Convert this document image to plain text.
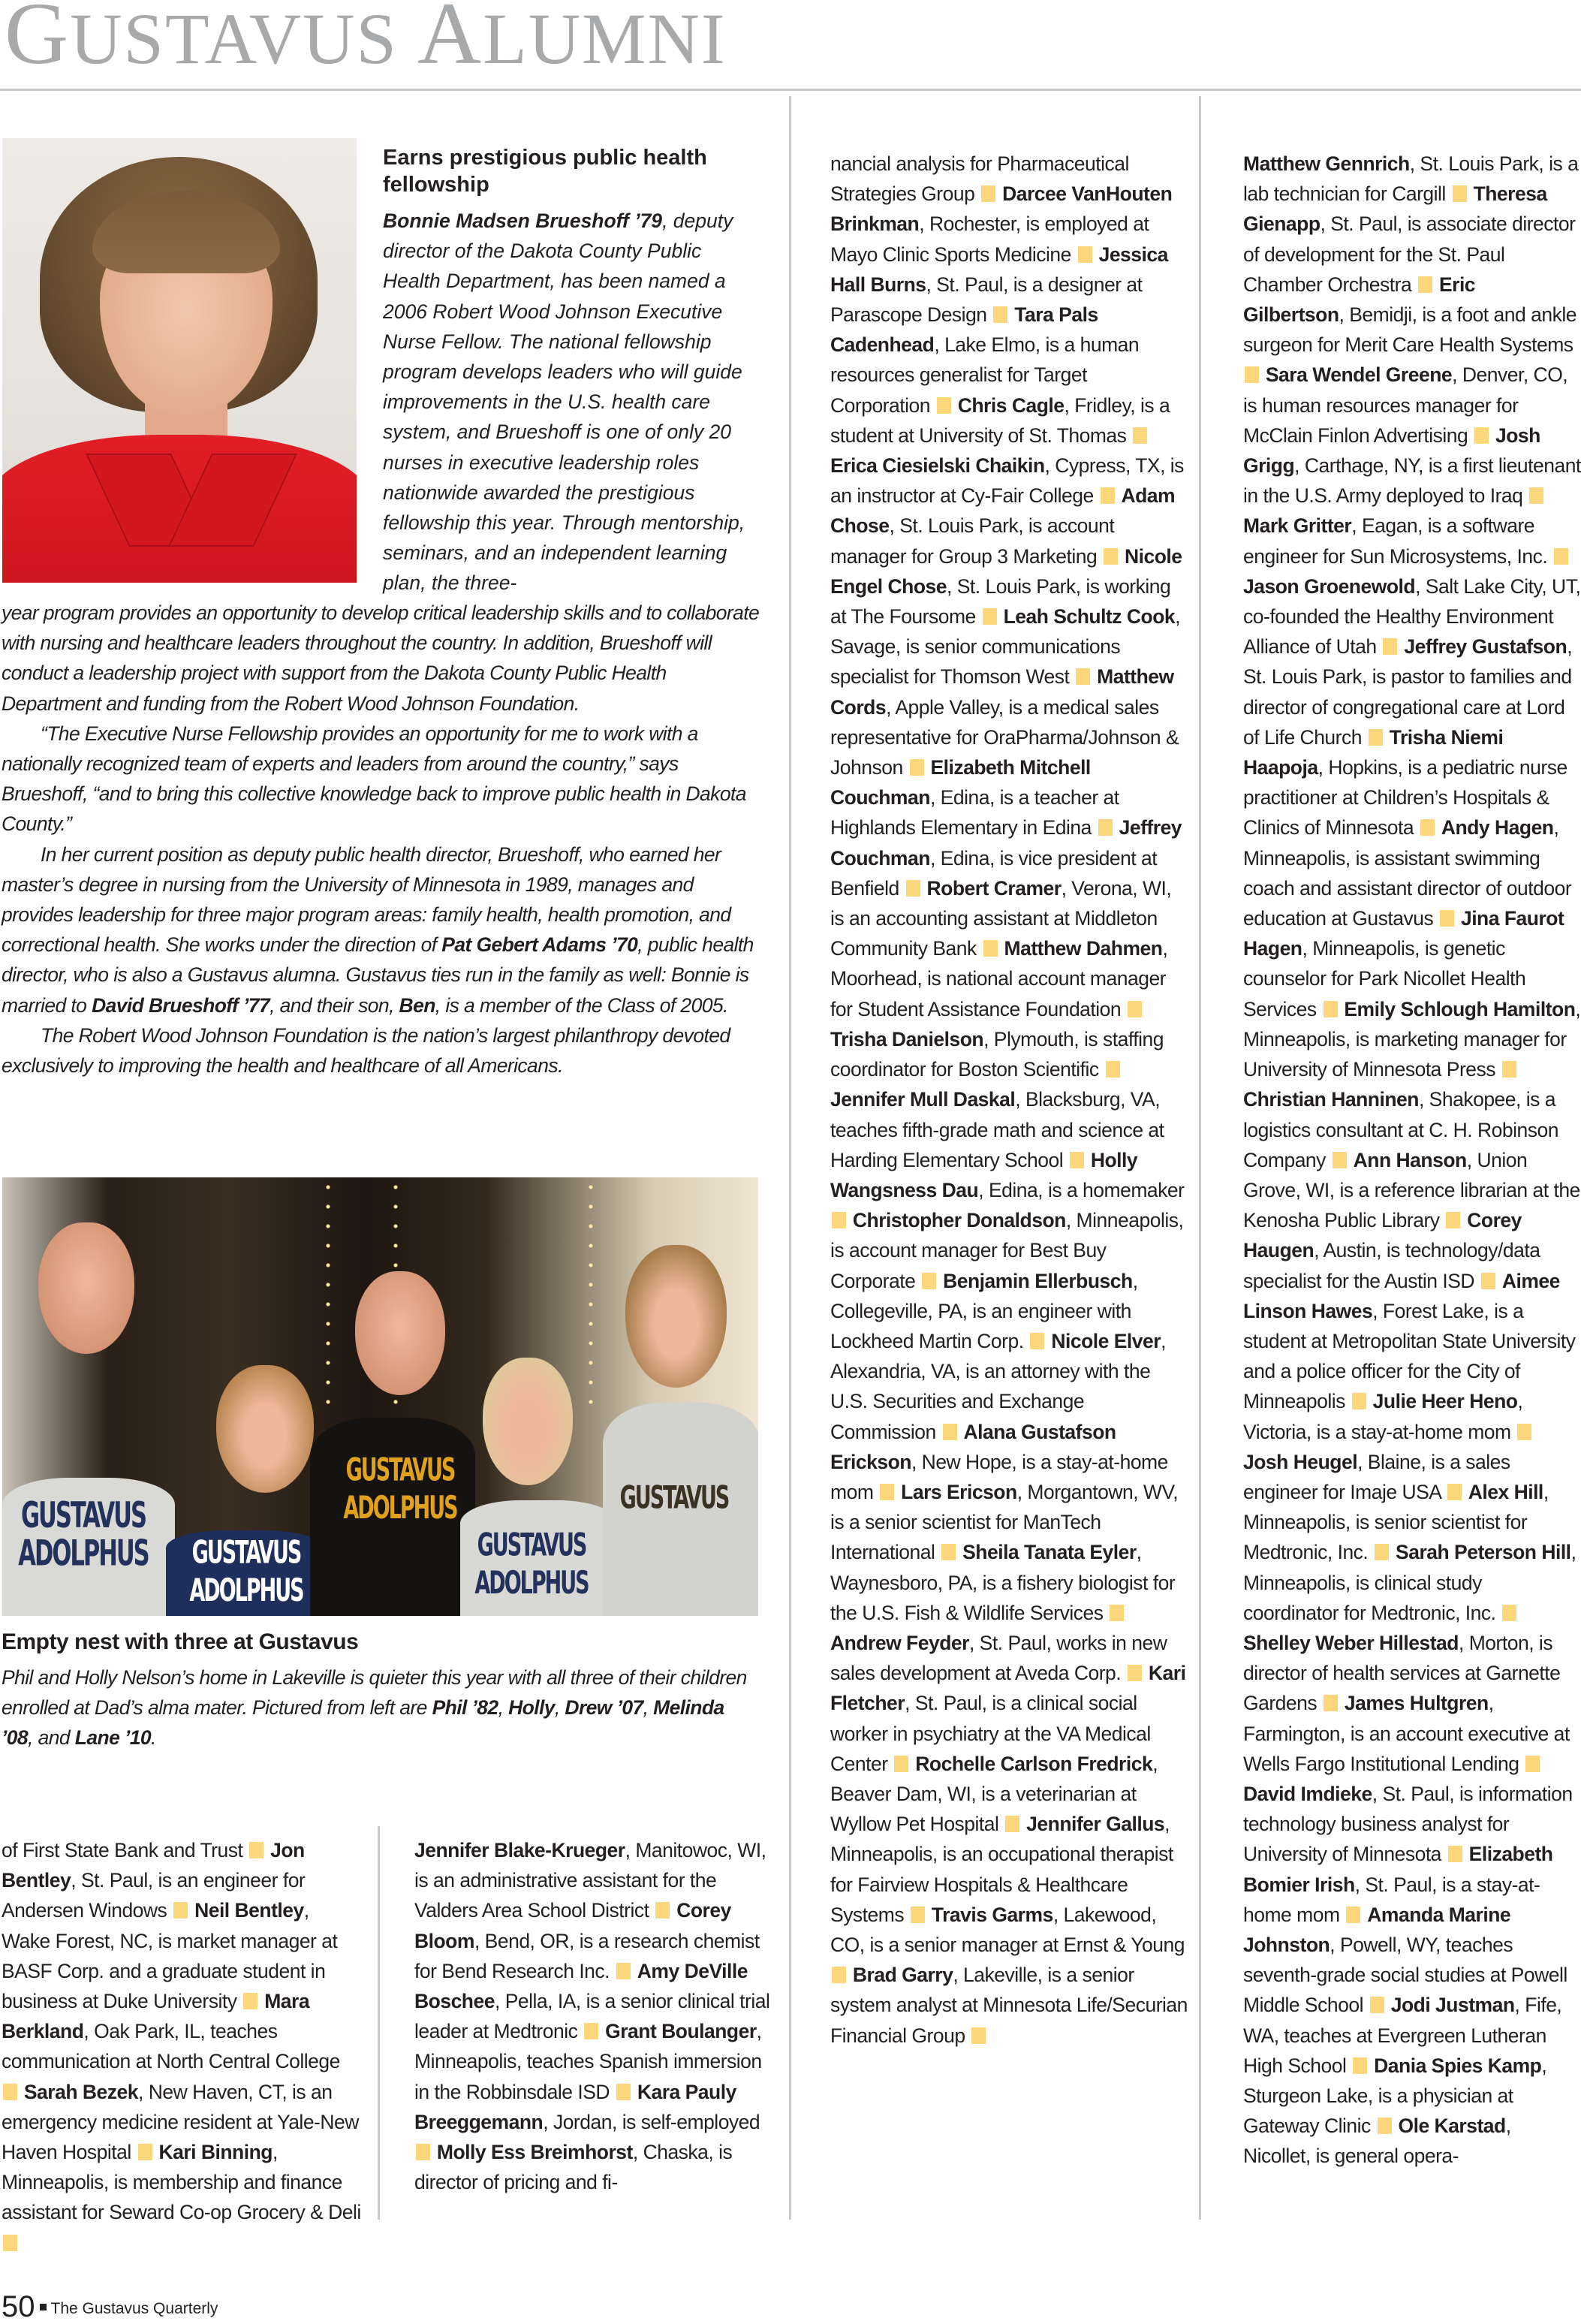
GUSTAVUS ALUMNI
Earns prestigious public health fellowship

Bonnie Madsen Brueshoff ’79, deputy director of the Dakota County Public Health Department, has been named a 2006 Robert Wood Johnson Executive Nurse Fellow. The national fellowship program develops leaders who will guide improvements in the U.S. health care system, and Brueshoff is one of only 20 nurses in executive leadership roles nationwide awarded the prestigious fellowship this year. Through mentorship, seminars, and an independent learning plan, the three-

year program provides an opportunity to develop critical leadership skills and to collaborate with nursing and healthcare leaders throughout the country. In addition, Brueshoff will conduct a leadership project with support from the Dakota County Public Health Department and funding from the Robert Wood Johnson Foundation.

“The Executive Nurse Fellowship provides an opportunity for me to work with a nationally recognized team of experts and leaders from around the country,” says Brueshoff, “and to bring this collective knowledge back to improve public health in Dakota County.”

In her current position as deputy public health director, Brueshoff, who earned her master’s degree in nursing from the University of Minnesota in 1989, manages and provides leadership for three major program areas: family health, health promotion, and correctional health. She works under the direction of Pat Gebert Adams ’70, public health director, who is also a Gustavus alumna. Gustavus ties run in the family as well: Bonnie is married to David Brueshoff ’77, and their son, Ben, is a member of the Class of 2005.

The Robert Wood Johnson Foundation is the nation’s largest philanthropy devoted exclusively to improving the health and healthcare of all Americans.

GUSTAVUS
ADOLPHUS	GUSTAVUS
ADOLPHUS
GUSTAVUS
ADOLPHUS
GUSTAVUS
ADOLPHUS
GUSTAVUS
Empty nest with three at Gustavus
Phil and Holly Nelson’s home in Lakeville is quieter this year with all three of their children enrolled at Dad’s alma mater. Pictured from left are Phil ’82, Holly, Drew ’07, Melinda ’08, and Lane ’10.

of First State Bank and Trust Jon Bentley, St. Paul, is an engineer for Andersen Windows Neil Bentley, Wake Forest, NC, is market manager at BASF Corp. and a graduate student in business at Duke University Mara Berkland, Oak Park, IL, teaches communication at North Central College  Sarah Bezek, New Haven, CT, is an emergency medicine resident at Yale-New Haven Hospital Kari Binning, Minneapolis, is membership and finance assistant for Seward Co-op Grocery & Deli

Jennifer Blake-Krueger, Manitowoc, WI, is an administrative assistant for the Valders Area School District Corey Bloom, Bend, OR, is a research chemist for Bend Research Inc. Amy DeVille Boschee, Pella, IA, is a senior clinical trial leader at Medtronic Grant Boulanger, Minneapolis, teaches Spanish immersion in the Robbinsdale ISD Kara Pauly Breeggemann, Jordan, is self-employed  Molly Ess Breimhorst, Chaska, is director of pricing and fi-

nancial analysis for Pharmaceutical Strategies Group Darcee VanHouten Brinkman, Rochester, is employed at Mayo Clinic Sports Medicine Jessica Hall Burns, St. Paul, is a designer at Parascope Design Tara Pals Cadenhead, Lake Elmo, is a human resources generalist for Target Corporation Chris Cagle, Fridley, is a student at University of St. Thomas  Erica Ciesielski Chaikin, Cypress, TX, is an instructor at Cy-Fair College Adam Chose, St. Louis Park, is account manager for Group 3 Marketing Nicole Engel Chose, St. Louis Park, is working at The Foursome Leah Schultz Cook, Savage, is senior communications specialist for Thomson West Matthew Cords, Apple Valley, is a medical sales representative for OraPharma/Johnson & Johnson Elizabeth Mitchell Couchman, Edina, is a teacher at Highlands Elementary in Edina Jeffrey Couchman, Edina, is vice president at Benfield Robert Cramer, Verona, WI, is an accounting assistant at Middleton Community Bank Matthew Dahmen, Moorhead, is national account manager for Student Assistance Foundation  Trisha Danielson, Plymouth, is staffing coordinator for Boston Scientific  Jennifer Mull Daskal, Blacksburg, VA, teaches fifth-grade math and science at Harding Elementary School Holly Wangsness Dau, Edina, is a homemaker  Christopher Donaldson, Minneapolis, is account manager for Best Buy Corporate Benjamin Ellerbusch, Collegeville, PA, is an engineer with Lockheed Martin Corp. Nicole Elver, Alexandria, VA, is an attorney with the U.S. Securities and Exchange Commission Alana Gustafson Erickson, New Hope, is a stay-at-home mom Lars Ericson, Morgantown, WV, is a senior scientist for ManTech International Sheila Tanata Eyler, Waynesboro, PA, is a fishery biologist for the U.S. Fish & Wildlife Services  Andrew Feyder, St. Paul, works in new sales development at Aveda Corp. Kari Fletcher, St. Paul, is a clinical social worker in psychiatry at the VA Medical Center Rochelle Carlson Fredrick, Beaver Dam, WI, is a veterinarian at Wyllow Pet Hospital Jennifer Gallus, Minneapolis, is an occupational therapist for Fairview Hospitals & Healthcare Systems Travis Garms, Lakewood, CO, is a senior manager at Ernst & Young  Brad Garry, Lakeville, is a senior system analyst at Minnesota Life/Securian Financial Group

Matthew Gennrich, St. Louis Park, is a lab technician for Cargill Theresa Gienapp, St. Paul, is associate director of development for the St. Paul Chamber Orchestra Eric Gilbertson, Bemidji, is a foot and ankle surgeon for Merit Care Health Systems  Sara Wendel Greene, Denver, CO, is human resources manager for McClain Finlon Advertising Josh Grigg, Carthage, NY, is a first lieutenant in the U.S. Army deployed to Iraq  Mark Gritter, Eagan, is a software engineer for Sun Microsystems, Inc.  Jason Groenewold, Salt Lake City, UT, co-founded the Healthy Environment Alliance of Utah Jeffrey Gustafson, St. Louis Park, is pastor to families and director of congregational care at Lord of Life Church Trisha Niemi Haapoja, Hopkins, is a pediatric nurse practitioner at Children’s Hospitals & Clinics of Minnesota Andy Hagen, Minneapolis, is assistant swimming coach and assistant director of outdoor education at Gustavus Jina Faurot Hagen, Minneapolis, is genetic counselor for Park Nicollet Health Services Emily Schlough Hamilton, Minneapolis, is marketing manager for University of Minnesota Press  Christian Hanninen, Shakopee, is a logistics consultant at C. H. Robinson Company Ann Hanson, Union Grove, WI, is a reference librarian at the Kenosha Public Library Corey Haugen, Austin, is technology/data specialist for the Austin ISD Aimee Linson Hawes, Forest Lake, is a student at Metropolitan State University and a police officer for the City of Minneapolis Julie Heer Heno, Victoria, is a stay-at-home mom  Josh Heugel, Blaine, is a sales engineer for Imaje USA Alex Hill, Minneapolis, is senior scientist for Medtronic, Inc. Sarah Peterson Hill, Minneapolis, is clinical study coordinator for Medtronic, Inc.  Shelley Weber Hillestad, Morton, is director of health services at Garnette Gardens James Hultgren, Farmington, is an account executive at Wells Fargo Institutional Lending  David Imdieke, St. Paul, is information technology business analyst for University of Minnesota Elizabeth Bomier Irish, St. Paul, is a stay-at-home mom Amanda Marine Johnston, Powell, WY, teaches seventh-grade social studies at Powell Middle School Jodi Justman, Fife, WA, teaches at Evergreen Lutheran High School Dania Spies Kamp, Sturgeon Lake, is a physician at Gateway Clinic Ole Karstad, Nicollet, is general opera-

50 The Gustavus Quarterly
